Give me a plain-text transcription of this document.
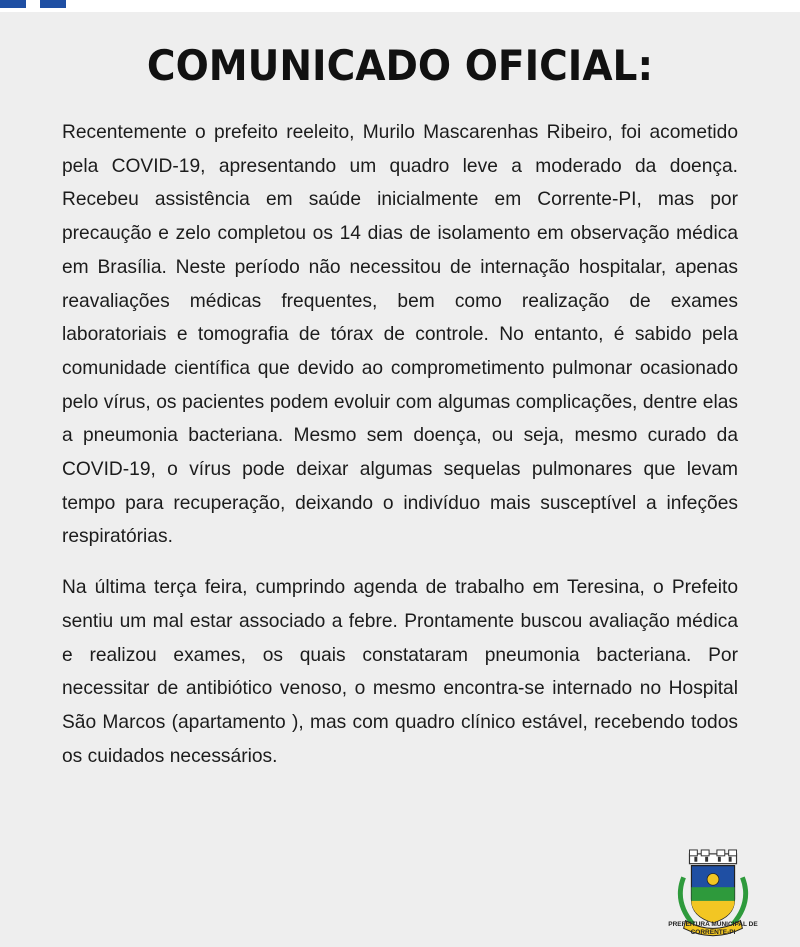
COMUNICADO OFICIAL:

Recentemente o prefeito reeleito, Murilo Mascarenhas Ribeiro, foi acometido pela COVID-19, apresentando um quadro leve a moderado da doença. Recebeu assistência em saúde inicialmente em Corrente-PI, mas por precaução e zelo completou os 14 dias de isolamento em observação médica em Brasília. Neste período não necessitou de internação hospitalar, apenas reavaliações médicas frequentes, bem como realização de exames laboratoriais e tomografia de tórax de controle. No entanto, é sabido pela comunidade científica que devido ao comprometimento pulmonar ocasionado pelo vírus, os pacientes podem evoluir com algumas complicações, dentre elas a pneumonia bacteriana. Mesmo sem doença, ou seja, mesmo curado da COVID-19, o vírus pode deixar algumas sequelas pulmonares que levam tempo para recuperação, deixando o indivíduo mais susceptível a infeções respiratórias.

Na última terça feira, cumprindo agenda de trabalho em Teresina, o Prefeito sentiu um mal estar associado a febre. Prontamente buscou avaliação médica e realizou exames, os quais constataram pneumonia bacteriana. Por necessitar de antibiótico venoso, o mesmo encontra-se internado no Hospital São Marcos (apartamento ), mas com quadro clínico estável, recebendo todos os cuidados necessários.

PREFEITURA MUNICIPAL DE
CORRENTE-PI
